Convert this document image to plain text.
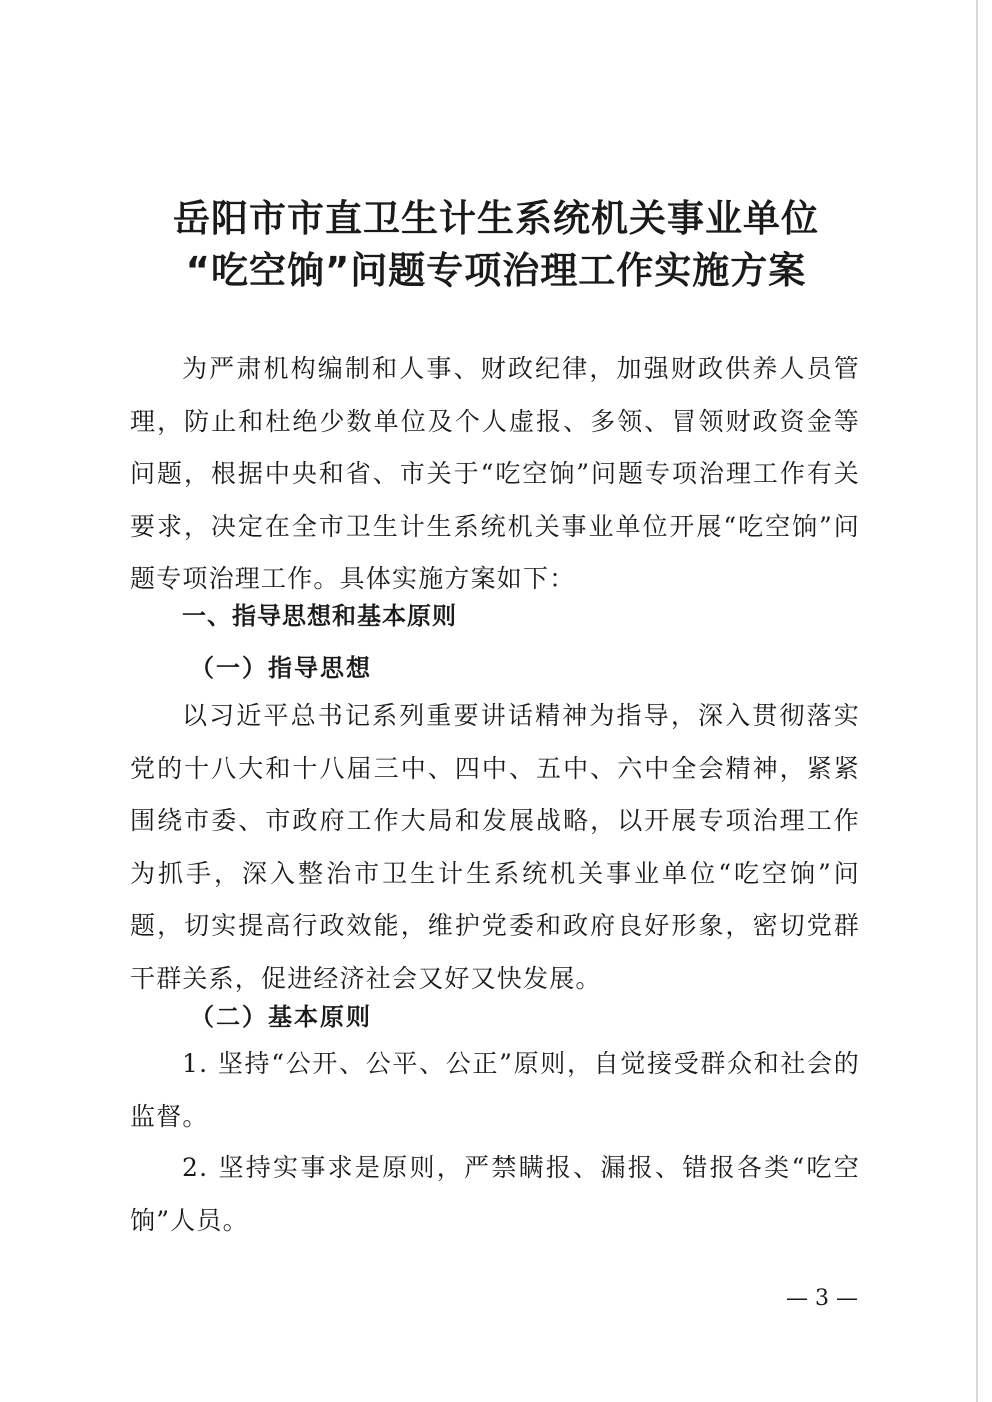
岳阳市市直卫生计生系统机关事业单位
“吃空饷”问题专项治理工作实施方案

为严肃机构编制和人事、财政纪律，加强财政供养人员管理，防止和杜绝少数单位及个人虚报、多领、冒领财政资金等问题，根据中央和省、市关于“吃空饷”问题专项治理工作有关要求，决定在全市卫生计生系统机关事业单位开展“吃空饷”问题专项治理工作。具体实施方案如下：

一、指导思想和基本原则

（一）指导思想

以习近平总书记系列重要讲话精神为指导，深入贯彻落实党的十八大和十八届三中、四中、五中、六中全会精神，紧紧围绕市委、市政府工作大局和发展战略，以开展专项治理工作为抓手，深入整治市卫生计生系统机关事业单位“吃空饷”问题，切实提高行政效能，维护党委和政府良好形象，密切党群干群关系，促进经济社会又好又快发展。

（二）基本原则

1. 坚持“公开、公平、公正”原则，自觉接受群众和社会的监督。

2. 坚持实事求是原则，严禁瞒报、漏报、错报各类“吃空饷”人员。

— 3 —
